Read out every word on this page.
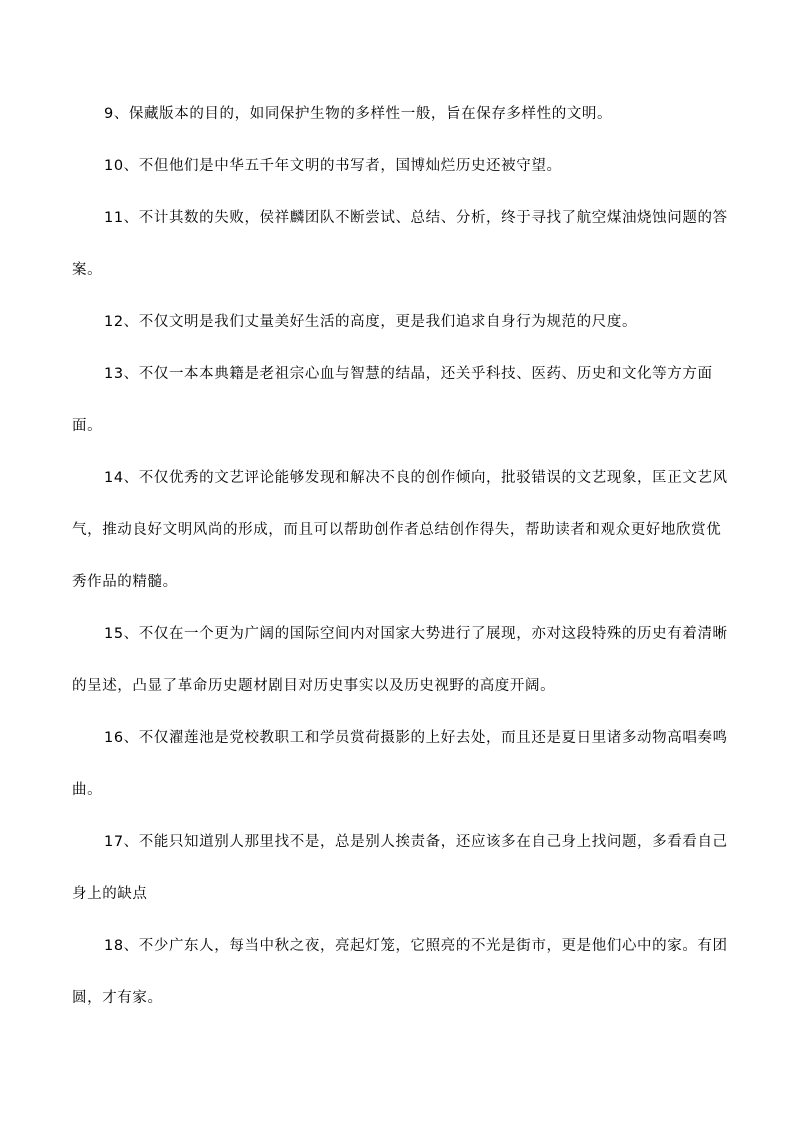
9、保藏版本的目的，如同保护生物的多样性一般，旨在保存多样性的文明。

10、不但他们是中华五千年文明的书写者，国博灿烂历史还被守望。

11、不计其数的失败，侯祥麟团队不断尝试、总结、分析，终于寻找了航空煤油烧蚀问题的答案。

12、不仅文明是我们丈量美好生活的高度，更是我们追求自身行为规范的尺度。

13、不仅一本本典籍是老祖宗心血与智慧的结晶，还关乎科技、医药、历史和文化等方方面面。

14、不仅优秀的文艺评论能够发现和解决不良的创作倾向，批驳错误的文艺现象，匡正文艺风气，推动良好文明风尚的形成，而且可以帮助创作者总结创作得失，帮助读者和观众更好地欣赏优秀作品的精髓。

15、不仅在一个更为广阔的国际空间内对国家大势进行了展现，亦对这段特殊的历史有着清晰的呈述，凸显了革命历史题材剧目对历史事实以及历史视野的高度开阔。

16、不仅濯莲池是党校教职工和学员赏荷摄影的上好去处，而且还是夏日里诸多动物高唱奏鸣曲。

17、不能只知道别人那里找不是，总是别人挨责备，还应该多在自己身上找问题，多看看自己身上的缺点

18、不少广东人，每当中秋之夜，亮起灯笼，它照亮的不光是街市，更是他们心中的家。有团圆，才有家。
